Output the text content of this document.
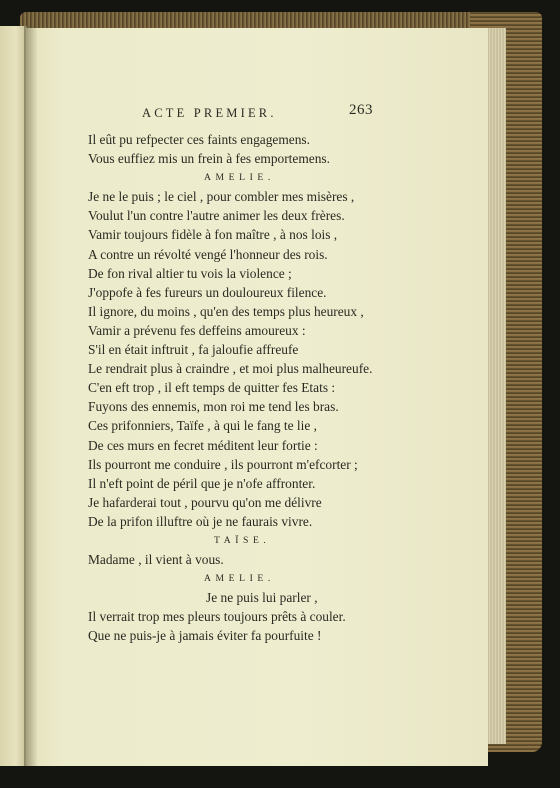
ACTE PREMIER.	263
Il eût pu refpecter ces faints engagemens.
Vous euffiez mis un frein à fes emportemens.
AMELIE.
Je ne le puis ; le ciel , pour combler mes misères ,
Voulut l'un contre l'autre animer les deux frères.
Vamir toujours fidèle à fon maître , à nos lois ,
A contre un révolté vengé l'honneur des rois.
De fon rival altier tu vois la violence ;
J'oppofe à fes fureurs un douloureux filence.
Il ignore, du moins , qu'en des temps plus heureux ,
Vamir a prévenu fes deffeins amoureux :
S'il en était inftruit , fa jaloufie affreufe
Le rendrait plus à craindre , et moi plus malheureufe.
C'en eft trop , il eft temps de quitter fes Etats :
Fuyons des ennemis, mon roi me tend les bras.
Ces prifonniers, Taïfe , à qui le fang te lie ,
De ces murs en fecret méditent leur fortie :
Ils pourront me conduire , ils pourront m'efcorter ;
Il n'eft point de péril que je n'ofe affronter.
Je hafarderai tout , pourvu qu'on me délivre
De la prifon illuftre où je ne faurais vivre.
TAÏSE.
Madame , il vient à vous.
AMELIE.
Je ne puis lui parler ,
Il verrait trop mes pleurs toujours prêts à couler.
Que ne puis-je à jamais éviter fa pourfuite !
